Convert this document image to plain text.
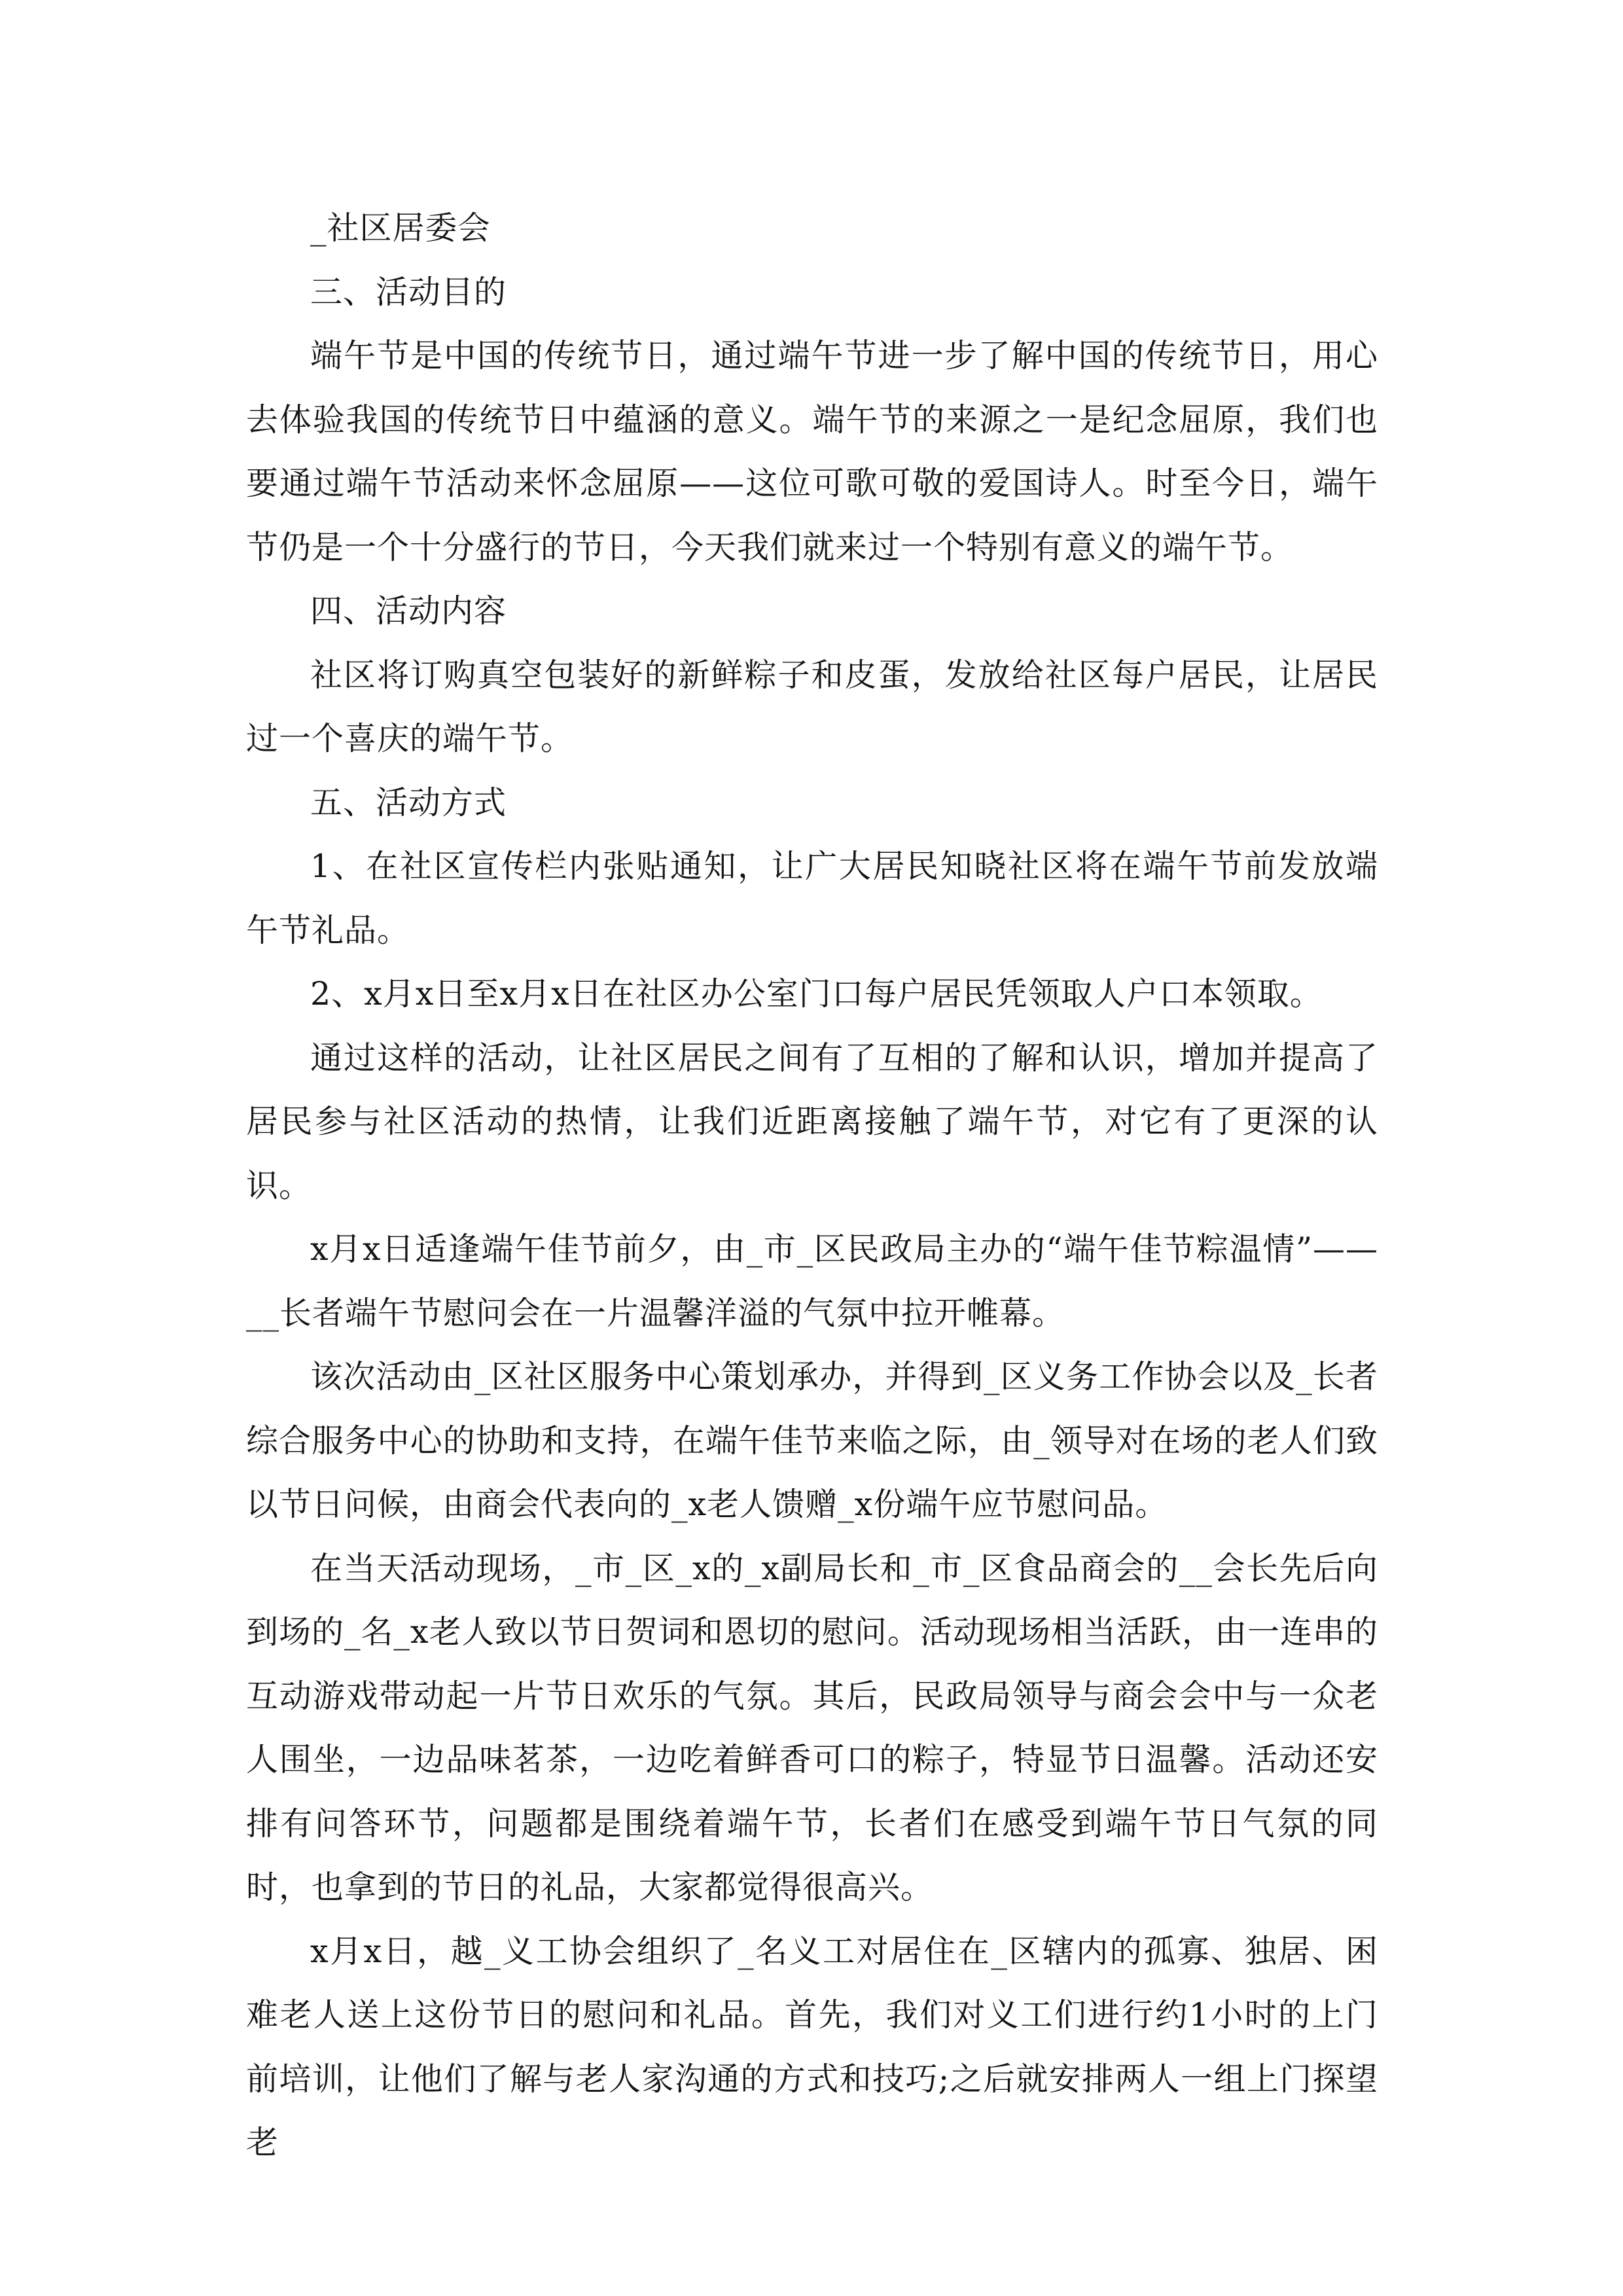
_社区居委会

三、活动目的

端午节是中国的传统节日，通过端午节进一步了解中国的传统节日，用心去体验我国的传统节日中蕴涵的意义。端午节的来源之一是纪念屈原，我们也要通过端午节活动来怀念屈原——这位可歌可敬的爱国诗人。时至今日，端午节仍是一个十分盛行的节日，今天我们就来过一个特别有意义的端午节。

四、活动内容

社区将订购真空包装好的新鲜粽子和皮蛋，发放给社区每户居民，让居民过一个喜庆的端午节。

五、活动方式

1、在社区宣传栏内张贴通知，让广大居民知晓社区将在端午节前发放端午节礼品。

2、x月x日至x月x日在社区办公室门口每户居民凭领取人户口本领取。

通过这样的活动，让社区居民之间有了互相的了解和认识，增加并提高了居民参与社区活动的热情，让我们近距离接触了端午节，对它有了更深的认识。

x月x日适逢端午佳节前夕，由_市_区民政局主办的“端午佳节粽温情”——__长者端午节慰问会在一片温馨洋溢的气氛中拉开帷幕。

该次活动由_区社区服务中心策划承办，并得到_区义务工作协会以及_长者综合服务中心的协助和支持，在端午佳节来临之际，由_领导对在场的老人们致以节日问候，由商会代表向的_x老人馈赠_x份端午应节慰问品。

在当天活动现场，_市_区_x的_x副局长和_市_区食品商会的__会长先后向到场的_名_x老人致以节日贺词和恩切的慰问。活动现场相当活跃，由一连串的互动游戏带动起一片节日欢乐的气氛。其后，民政局领导与商会会中与一众老人围坐，一边品味茗茶，一边吃着鲜香可口的粽子，特显节日温馨。活动还安排有问答环节，问题都是围绕着端午节，长者们在感受到端午节日气氛的同时，也拿到的节日的礼品，大家都觉得很高兴。

x月x日，越_义工协会组织了_名义工对居住在_区辖内的孤寡、独居、困难老人送上这份节日的慰问和礼品。首先，我们对义工们进行约1小时的上门前培训，让他们了解与老人家沟通的方式和技巧;之后就安排两人一组上门探望老
